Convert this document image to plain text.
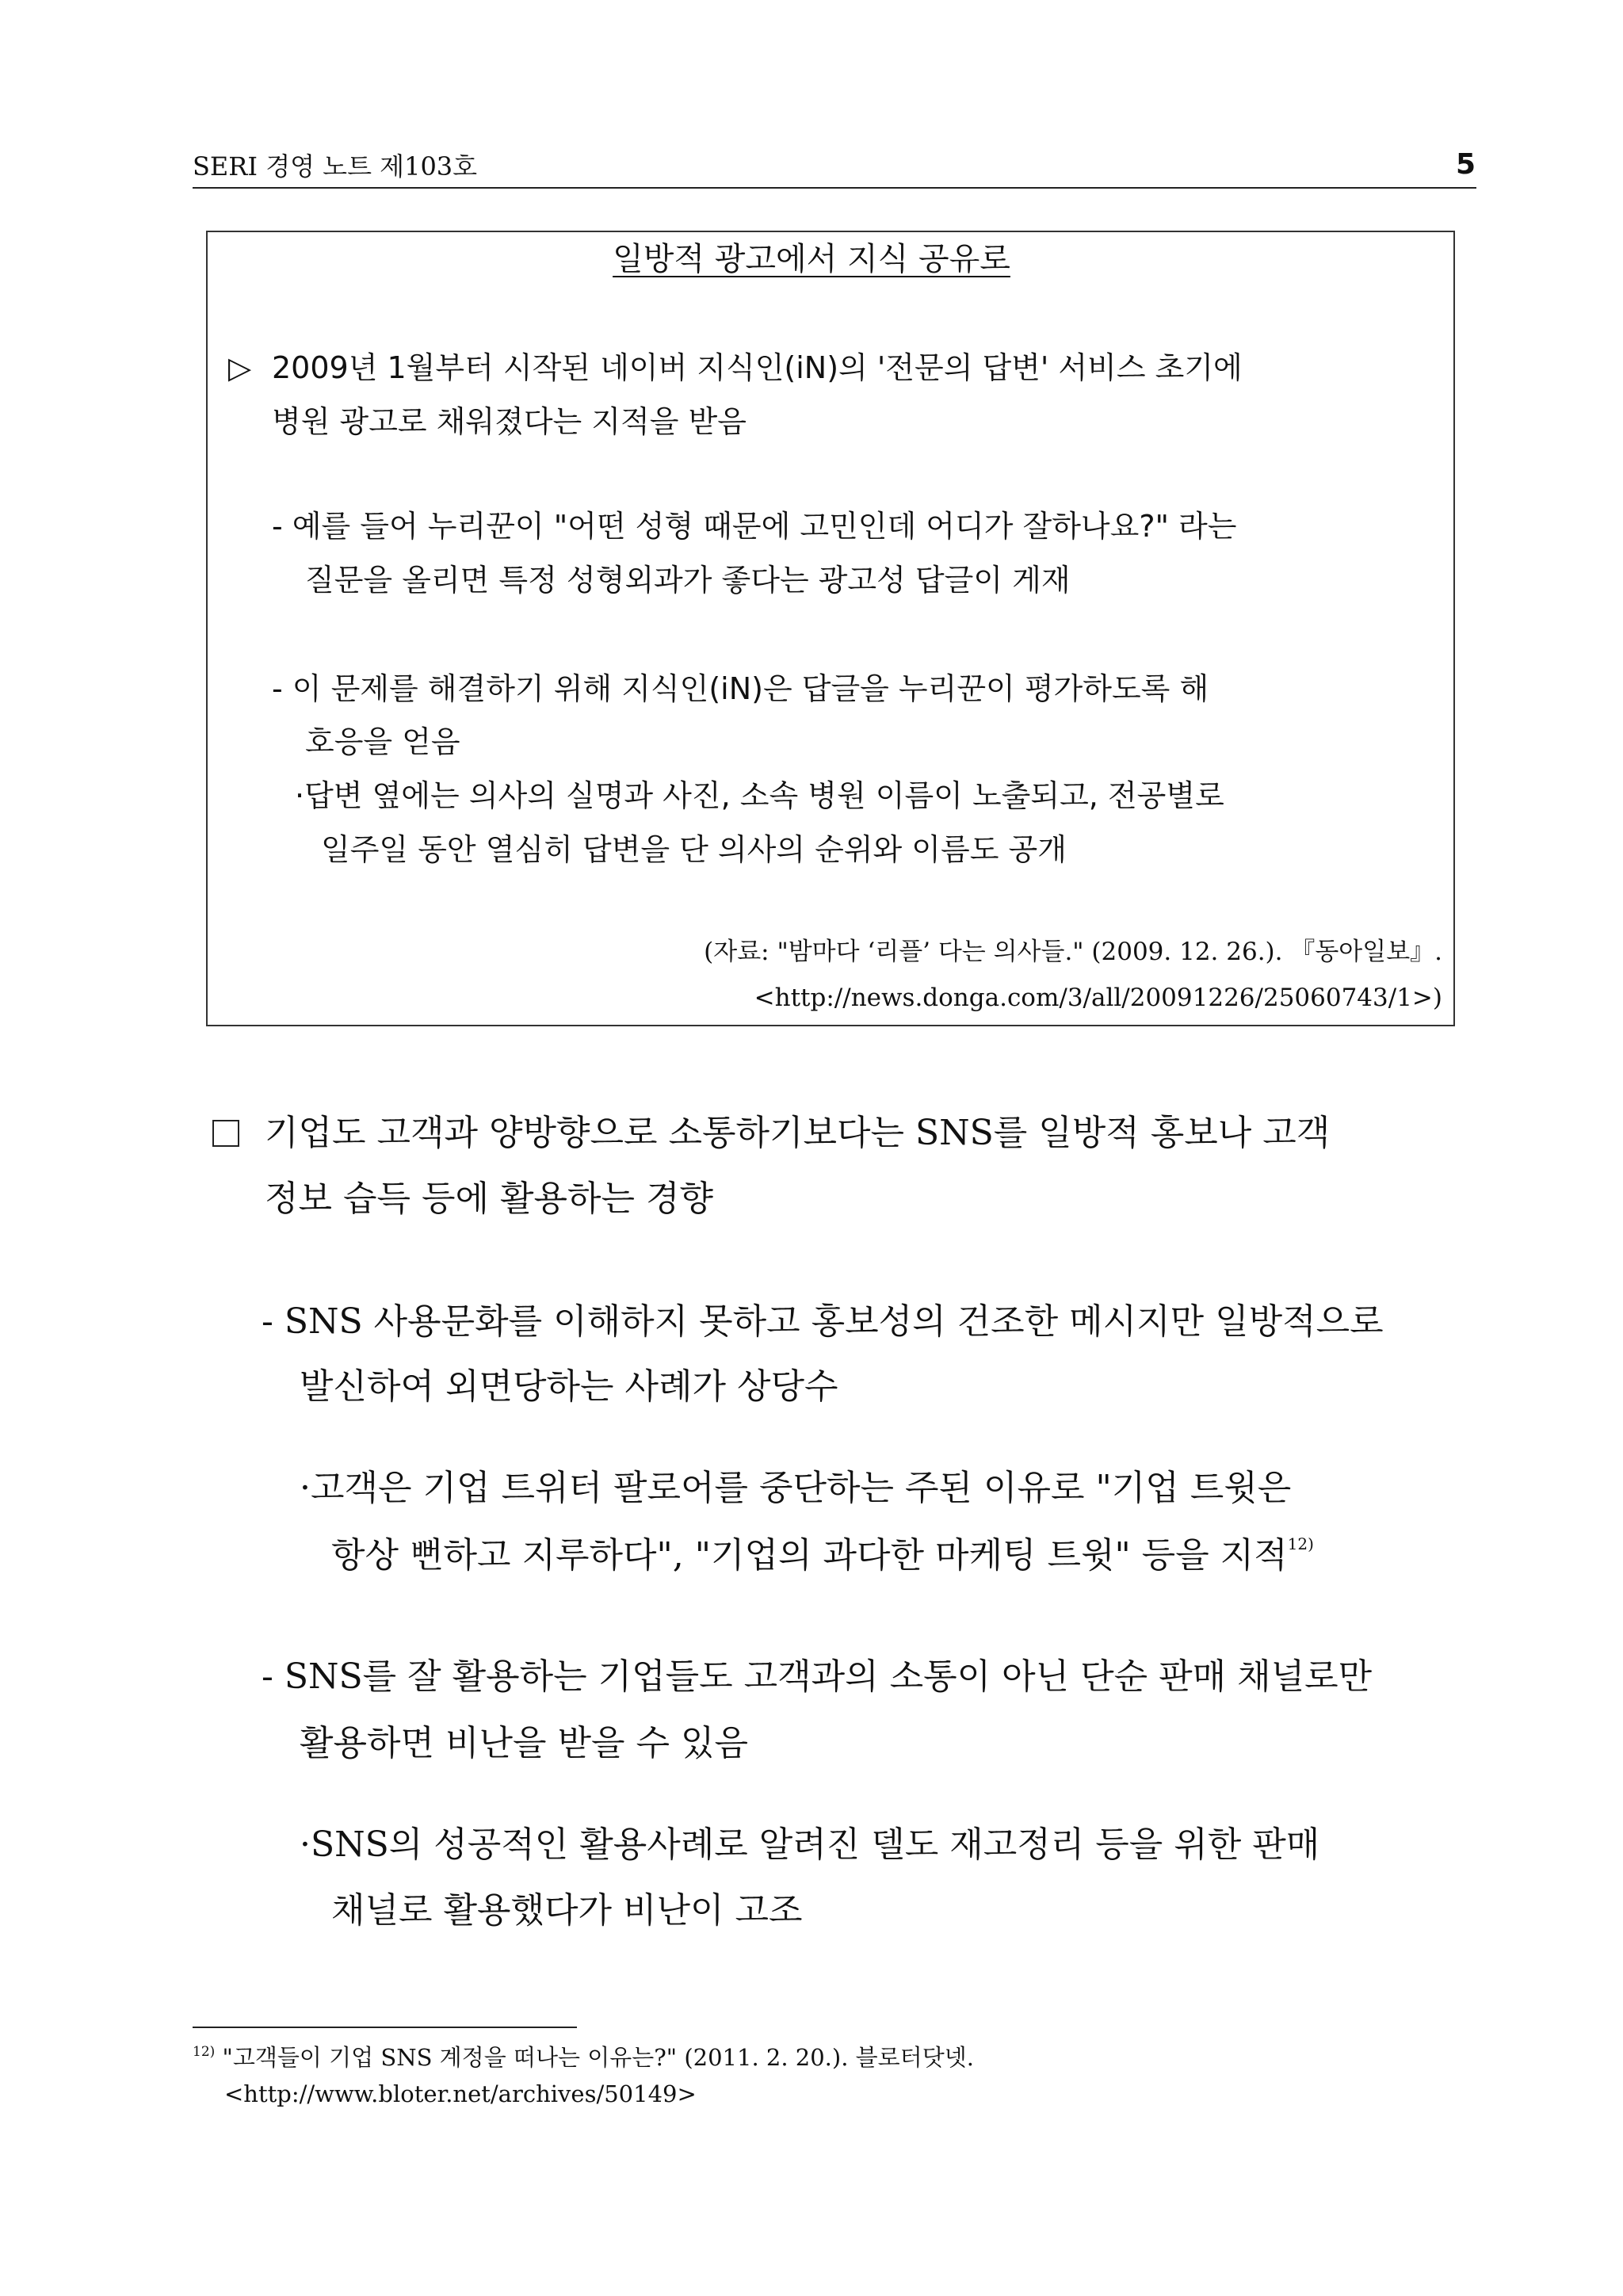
SERI 경영 노트 제103호	5
일방적 광고에서 지식 공유로
▷ 2009년 1월부터 시작된 네이버 지식인(iN)의 '전문의 답변' 서비스 초기에
병원 광고로 채워졌다는 지적을 받음
- 예를 들어 누리꾼이 "어떤 성형 때문에 고민인데 어디가 잘하나요?" 라는
질문을 올리면 특정 성형외과가 좋다는 광고성 답글이 게재
- 이 문제를 해결하기 위해 지식인(iN)은 답글을 누리꾼이 평가하도록 해
호응을 얻음
·답변 옆에는 의사의 실명과 사진, 소속 병원 이름이 노출되고, 전공별로
일주일 동안 열심히 답변을 단 의사의 순위와 이름도 공개
(자료: "밤마다 ‘리플’ 다는 의사들." (2009. 12. 26.). 『동아일보』.
<http://news.donga.com/3/all/20091226/25060743/1>)
기업도 고객과 양방향으로 소통하기보다는 SNS를 일방적 홍보나 고객
정보 습득 등에 활용하는 경향
- SNS 사용문화를 이해하지 못하고 홍보성의 건조한 메시지만 일방적으로
발신하여 외면당하는 사례가 상당수
·고객은 기업 트위터 팔로어를 중단하는 주된 이유로 "기업 트윗은
항상 뻔하고 지루하다", "기업의 과다한 마케팅 트윗" 등을 지적$^{12)}$
- SNS를 잘 활용하는 기업들도 고객과의 소통이 아닌 단순 판매 채널로만
활용하면 비난을 받을 수 있음
·SNS의 성공적인 활용사례로 알려진 델도 재고정리 등을 위한 판매
채널로 활용했다가 비난이 고조
$^{12)}$ "고객들이 기업 SNS 계정을 떠나는 이유는?" (2011. 2. 20.). 블로터닷넷.
<http://www.bloter.net/archives/50149>
